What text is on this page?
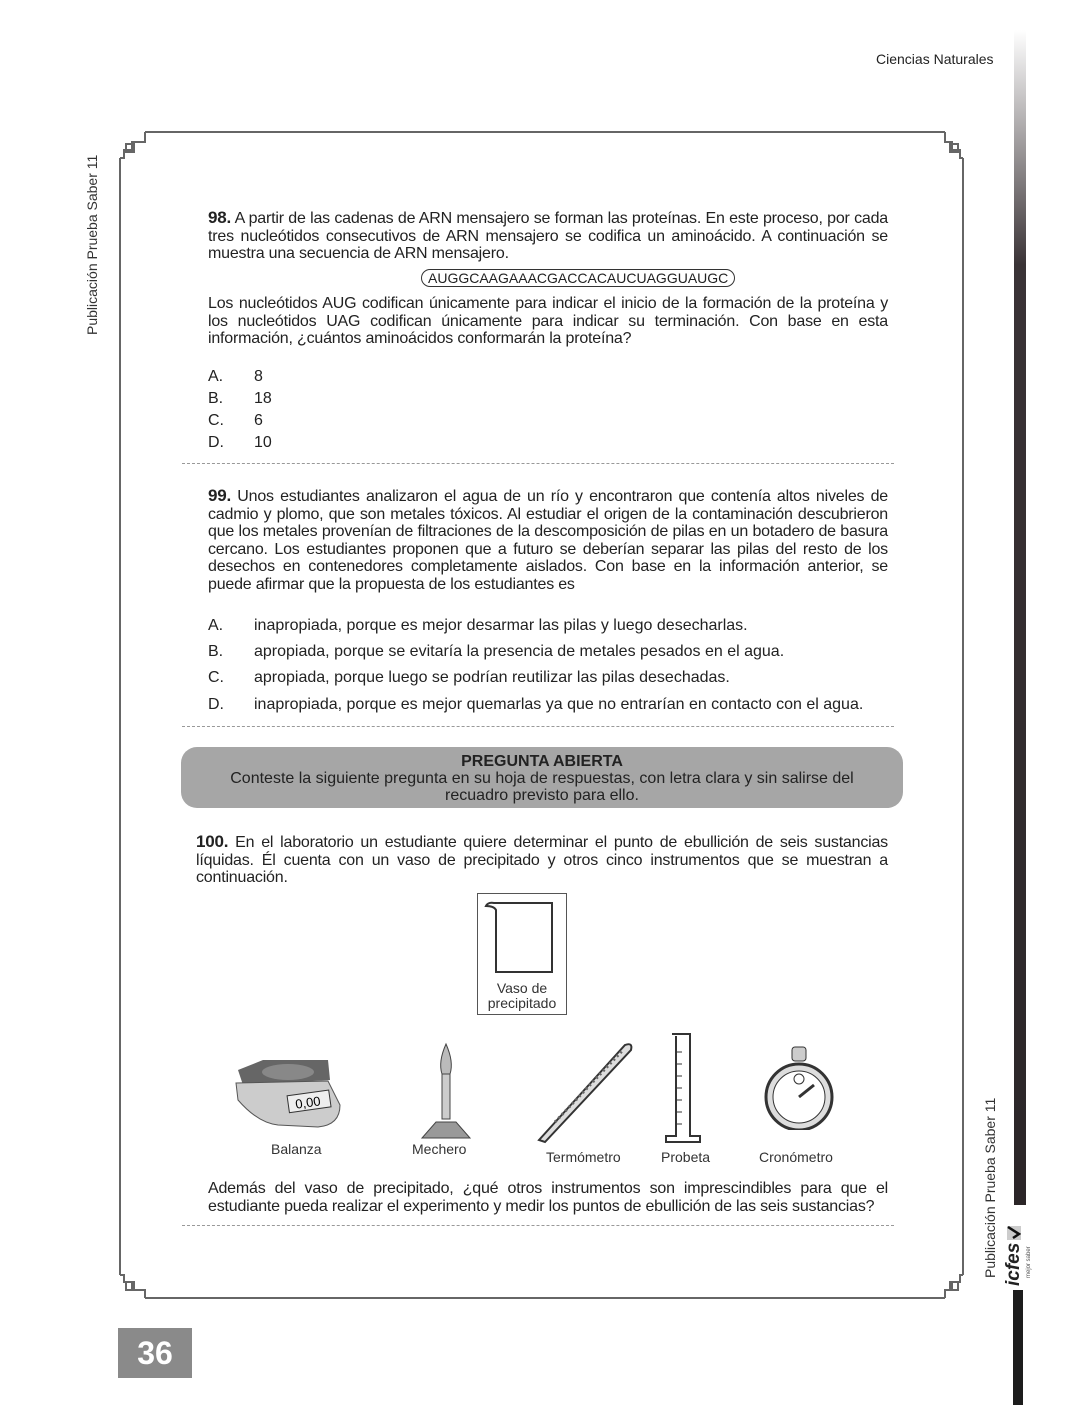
Ciencias Naturales
Publicación Prueba Saber 11
Publicación Prueba Saber 11 icfes mejor saber
98. A partir de las cadenas de ARN mensajero se forman las proteínas. En este proceso, por cada tres nucleótidos consecutivos de ARN mensajero se codifica un aminoácido. A continuación se muestra una secuencia de ARN mensajero.
AUGGCAAGAAACGACCACAUCUAGGUAUGC
Los nucleótidos AUG codifican únicamente para indicar el inicio de la formación de la proteína y los nucleótidos UAG codifican únicamente para indicar su terminación. Con base en esta información, ¿cuántos aminoácidos conformarán la proteína?
A. 8
B. 18
C. 6
D. 10
99. Unos estudiantes analizaron el agua de un río y encontraron que contenía altos niveles de cadmio y plomo, que son metales tóxicos. Al estudiar el origen de la contaminación descubrieron que los metales provenían de filtraciones de la descomposición de pilas en un botadero de basura cercano. Los estudiantes proponen que a futuro se deberían separar las pilas del resto de los desechos en contenedores completamente aislados. Con base en la información anterior, se puede afirmar que la propuesta de los estudiantes es
A. inapropiada, porque es mejor desarmar las pilas y luego desecharlas.
B. apropiada, porque se evitaría la presencia de metales pesados en el agua.
C. apropiada, porque luego se podrían reutilizar las pilas desechadas.
D. inapropiada, porque es mejor quemarlas ya que no entrarían en contacto con el agua.
PREGUNTA ABIERTA
Conteste la siguiente pregunta en su hoja de respuestas, con letra clara y sin salirse del recuadro previsto para ello.
100. En el laboratorio un estudiante quiere determinar el punto de ebullición de seis sustancias líquidas. Él cuenta con un vaso de precipitado y otros cinco instrumentos que se muestran a continuación.
Vaso de precipitado
0,00
Balanza	Mechero	Termómetro	Probeta	Cronómetro
Además del vaso de precipitado, ¿qué otros instrumentos son imprescindibles para que el estudiante pueda realizar el experimento y medir los puntos de ebullición de las seis sustancias?
36
